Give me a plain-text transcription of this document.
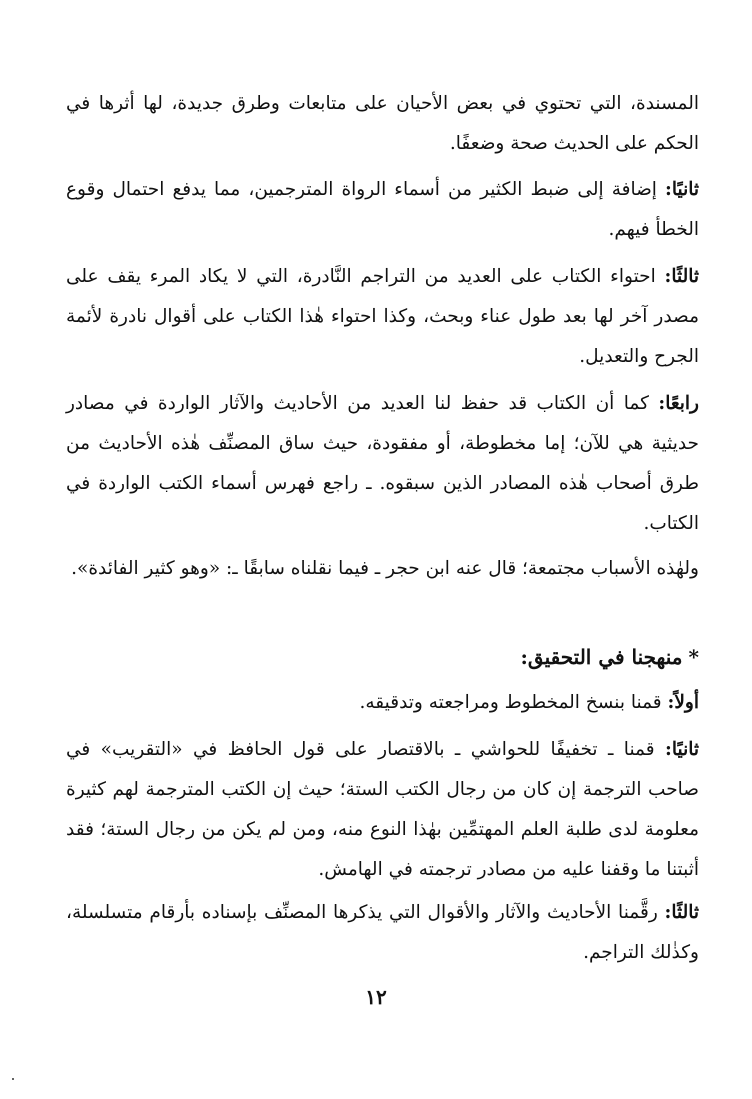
المسندة، التي تحتوي في بعض الأحيان على متابعات وطرق جديدة، لها أثرها في الحكم على الحديث صحة وضعفًا.

ثانيًا: إضافة إلى ضبط الكثير من أسماء الرواة المترجمين، مما يدفع احتمال وقوع الخطأ فيهم.

ثالثًا: احتواء الكتاب على العديد من التراجم النَّادرة، التي لا يكاد المرء يقف على مصدر آخر لها بعد طول عناء وبحث، وكذا احتواء هٰذا الكتاب على أقوال نادرة لأئمة الجرح والتعديل.

رابعًا: كما أن الكتاب قد حفظ لنا العديد من الأحاديث والآثار الواردة في مصادر حديثية هي للآن؛ إما مخطوطة، أو مفقودة، حيث ساق المصنِّف هٰذه الأحاديث من طرق أصحاب هٰذه المصادر الذين سبقوه. ـ راجع فهرس أسماء الكتب الواردة في الكتاب.

ولهٰذه الأسباب مجتمعة؛ قال عنه ابن حجر ـ فيما نقلناه سابقًا ـ: «وهو كثير الفائدة».

*منهجنا في التحقيق:

أولاً: قمنا بنسخ المخطوط ومراجعته وتدقيقه.

ثانيًا: قمنا ـ تخفيفًا للحواشي ـ بالاقتصار على قول الحافظ في «التقريب» في صاحب الترجمة إن كان من رجال الكتب الستة؛ حيث إن الكتب المترجمة لهم كثيرة معلومة لدى طلبة العلم المهتمِّين بهٰذا النوع منه، ومن لم يكن من رجال الستة؛ فقد أثبتنا ما وقفنا عليه من مصادر ترجمته في الهامش.

ثالثًا: رقَّمنا الأحاديث والآثار والأقوال التي يذكرها المصنِّف بإسناده بأرقام متسلسلة، وكذٰلك التراجم.

١٢
